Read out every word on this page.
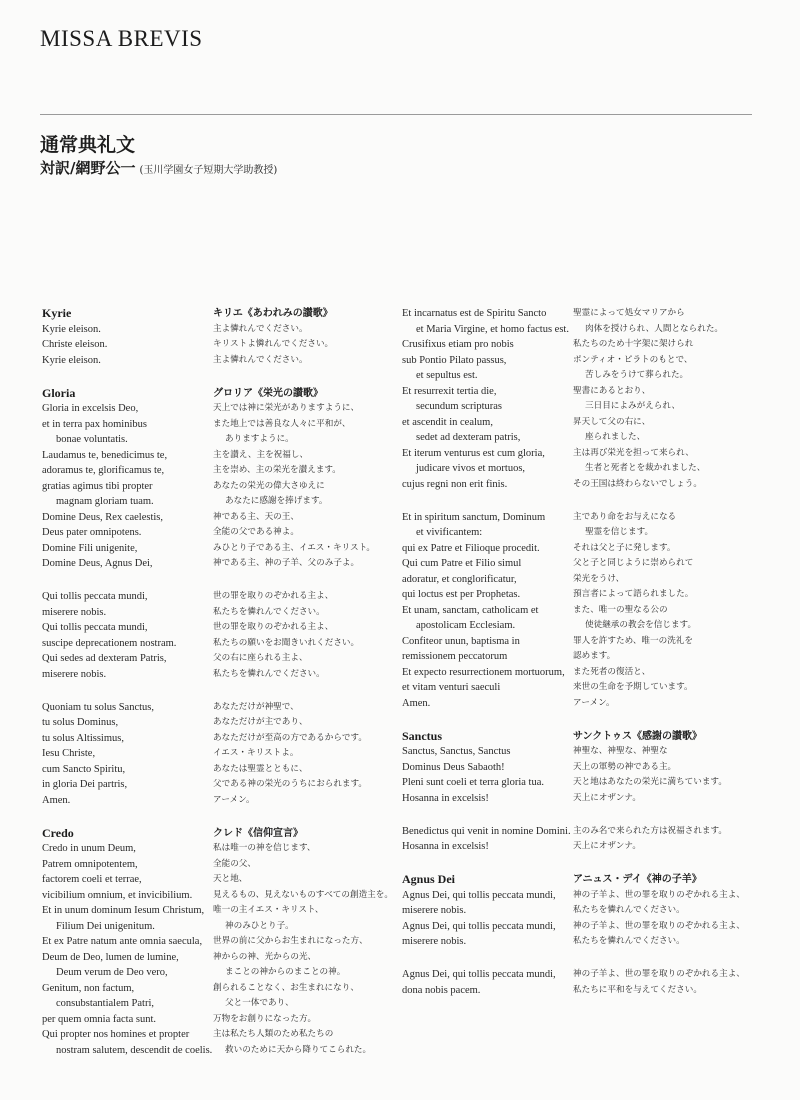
MISSA BREVIS
通常典礼文
対訳/網野公一 (玉川学園女子短期大学助教授)
Kyrie
Kyrie eleison.
Christe eleison.
Kyrie eleison.
Gloria
Gloria in excelsis Deo,
et in terra pax hominibus
bonae voluntatis.
Laudamus te, benedicimus te,
adoramus te, glorificamus te,
gratias agimus tibi propter
magnam gloriam tuam.
Domine Deus, Rex caelestis,
Deus pater omnipotens.
Domine Fili unigenite,
Domine Deus, Agnus Dei,
Qui tollis peccata mundi,
miserere nobis.
Qui tollis peccata mundi,
suscipe deprecationem nostram.
Qui sedes ad dexteram Patris,
miserere nobis.
Quoniam tu solus Sanctus,
tu solus Dominus,
tu solus Altissimus,
Iesu Christe,
cum Sancto Spiritu,
in gloria Dei partris,
Amen.
Credo
Credo in unum Deum,
Patrem omnipotentem,
factorem coeli et terrae,
vicibilium omnium, et invicibilium.
Et in unum dominum Iesum Christum,
Filium Dei unigenitum.
Et ex Patre natum ante omnia saecula,
Deum de Deo, lumen de lumine,
Deum verum de Deo vero,
Genitum, non factum,
consubstantialem Patri,
per quem omnia facta sunt.
Qui propter nos homines et propter
nostram salutem, descendit de coelis.
キリエ《あわれみの讃歌》
主よ憐れんでください。
キリストよ憐れんでください。
主よ憐れんでください。
グロリア《栄光の讃歌》
天上では神に栄光がありますように、
また地上では善良な人々に平和が、
ありますように。
主を讃え、主を祝福し、
主を崇め、主の栄光を讃えます。
あなたの栄光の偉大さゆえに
あなたに感謝を捧げます。
神である主、天の王、
全能の父である神よ。
みひとり子である主、イエス・キリスト。
神である主、神の子羊、父のみ子よ。
世の罪を取りのぞかれる主よ、
私たちを憐れんでください。
世の罪を取りのぞかれる主よ、
私たちの願いをお聞きいれください。
父の右に座られる主よ、
私たちを憐れんでください。
あなただけが神聖で、
あなただけが主であり、
あなただけが至高の方であるからです。
イエス・キリストよ。
あなたは聖霊とともに、
父である神の栄光のうちにおられます。
アーメン。
クレド《信仰宣言》
私は唯一の神を信じます、
全能の父、
天と地、
見えるもの、見えないものすべての創造主を。
唯一の主イエス・キリスト、
神のみひとり子。
世界の前に父からお生まれになった方、
神からの神、光からの光、
まことの神からのまことの神。
創られることなく、お生まれになり、
父と一体であり、
万物をお創りになった方。
主は私たち人類のため私たちの
救いのために天から降りてこられた。
Et incarnatus est de Spiritu Sancto
et Maria Virgine, et homo factus est.
Crusifixus etiam pro nobis
sub Pontio Pilato passus,
et sepultus est.
Et resurrexit tertia die,
secundum scripturas
et ascendit in cealum,
sedet ad dexteram patris,
Et iterum venturus est cum gloria,
judicare vivos et mortuos,
cujus regni non erit finis.
Et in spiritum sanctum, Dominum
et vivificantem:
qui ex Patre et Filioque procedit.
Qui cum Patre et Filio simul
adoratur, et conglorificatur,
qui loctus est per Prophetas.
Et unam, sanctam, catholicam et
apostolicam Ecclesiam.
Confiteor unun, baptisma in
remissionem peccatorum
Et expecto resurrectionem mortuorum,
et vitam venturi saeculi
Amen.
Sanctus
Sanctus, Sanctus, Sanctus
Dominus Deus Sabaoth!
Pleni sunt coeli et terra gloria tua.
Hosanna in excelsis!
Benedictus qui venit in nomine Domini.
Hosanna in excelsis!
Agnus Dei
Agnus Dei, qui tollis peccata mundi,
miserere nobis.
Agnus Dei, qui tollis peccata mundi,
miserere nobis.
Agnus Dei, qui tollis peccata mundi,
dona nobis pacem.
聖霊によって処女マリアから
肉体を授けられ、人間となられた。
私たちのため十字架に架けられ
ポンティオ・ピラトのもとで、
苦しみをうけて葬られた。
聖書にあるとおり、
三日目によみがえられ、
昇天して父の右に、
座られました、
主は再び栄光を担って来られ、
生者と死者とを裁かれました、
その王国は終わらないでしょう。
主であり命をお与えになる
聖霊を信じます。
それは父と子に発します。
父と子と同じように崇められて
栄光をうけ、
預言者によって語られました。
また、唯一の聖なる公の
使徒継承の教会を信じます。
罪人を許すため、唯一の洗礼を
認めます。
また死者の復活と、
来世の生命を予期しています。
アーメン。
サンクトゥス《感謝の讃歌》
神聖な、神聖な、神聖な
天上の軍勢の神である主。
天と地はあなたの栄光に満ちています。
天上にオザンナ。
主のみ名で来られた方は祝福されます。
天上にオザンナ。
アニュス・デイ《神の子羊》
神の子羊よ、世の罪を取りのぞかれる主よ、
私たちを憐れんでください。
神の子羊よ、世の罪を取りのぞかれる主よ、
私たちを憐れんでください。
神の子羊よ、世の罪を取りのぞかれる主よ、
私たちに平和を与えてください。
